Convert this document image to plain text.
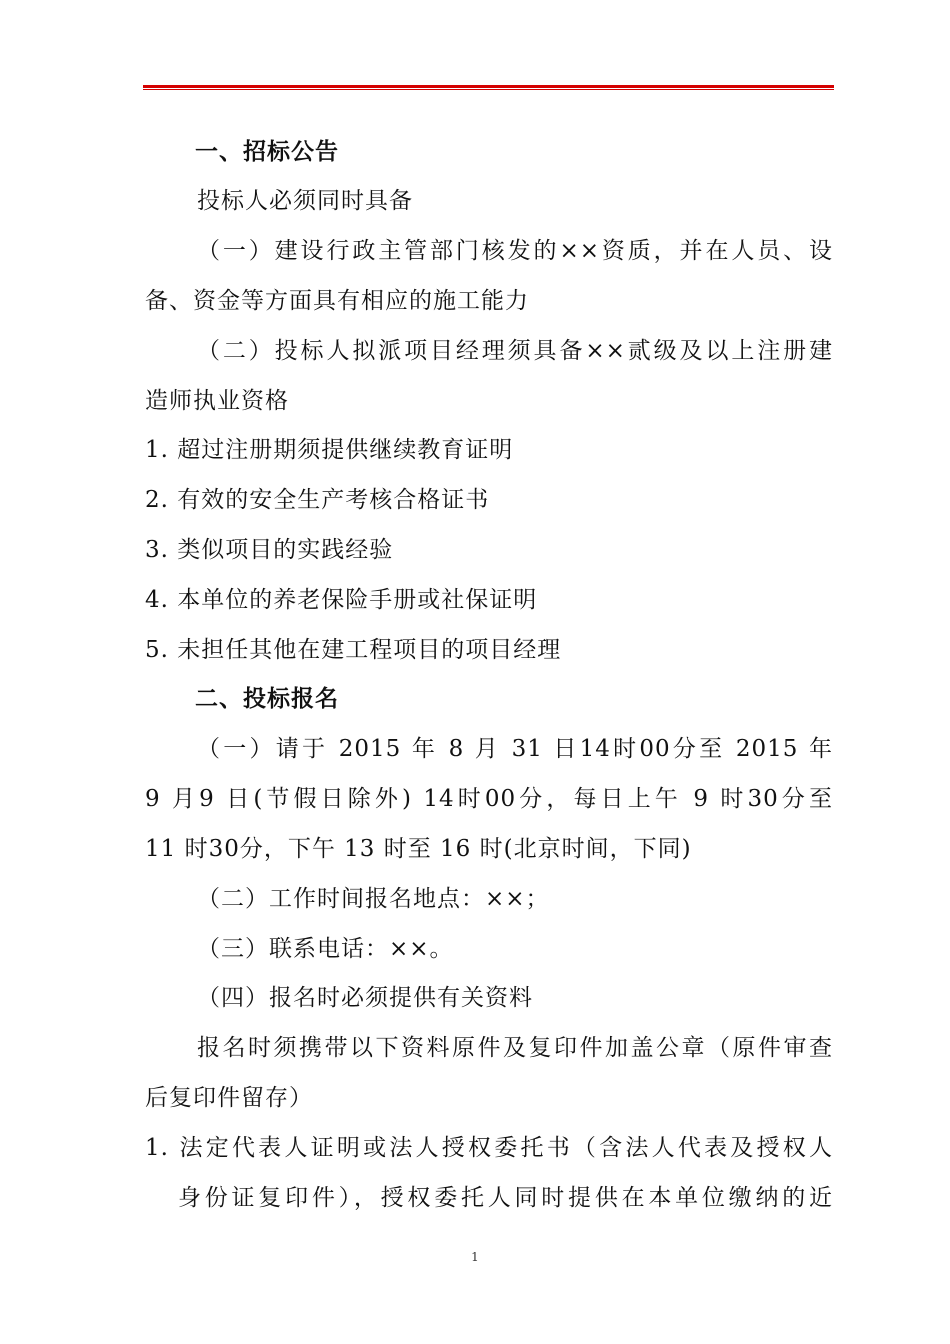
一、招标公告
投标人必须同时具备
（一）建设行政主管部门核发的××资质，并在人员、设
备、资金等方面具有相应的施工能力
（二）投标人拟派项目经理须具备××贰级及以上注册建
造师执业资格
1. 超过注册期须提供继续教育证明
2. 有效的安全生产考核合格证书
3. 类似项目的实践经验
4. 本单位的养老保险手册或社保证明
5. 未担任其他在建工程项目的项目经理
二、投标报名
（一）请于 2015 年 8 月 31 日14时00分至 2015 年
9 月9 日(节假日除外) 14时00分，每日上午 9 时30分至
11 时30分，下午 13 时至 16 时(北京时间，下同)
（二）工作时间报名地点：××；
（三）联系电话：××。
（四）报名时必须提供有关资料
报名时须携带以下资料原件及复印件加盖公章（原件审查
后复印件留存）
1. 法定代表人证明或法人授权委托书（含法人代表及授权人
身份证复印件），授权委托人同时提供在本单位缴纳的近
1
